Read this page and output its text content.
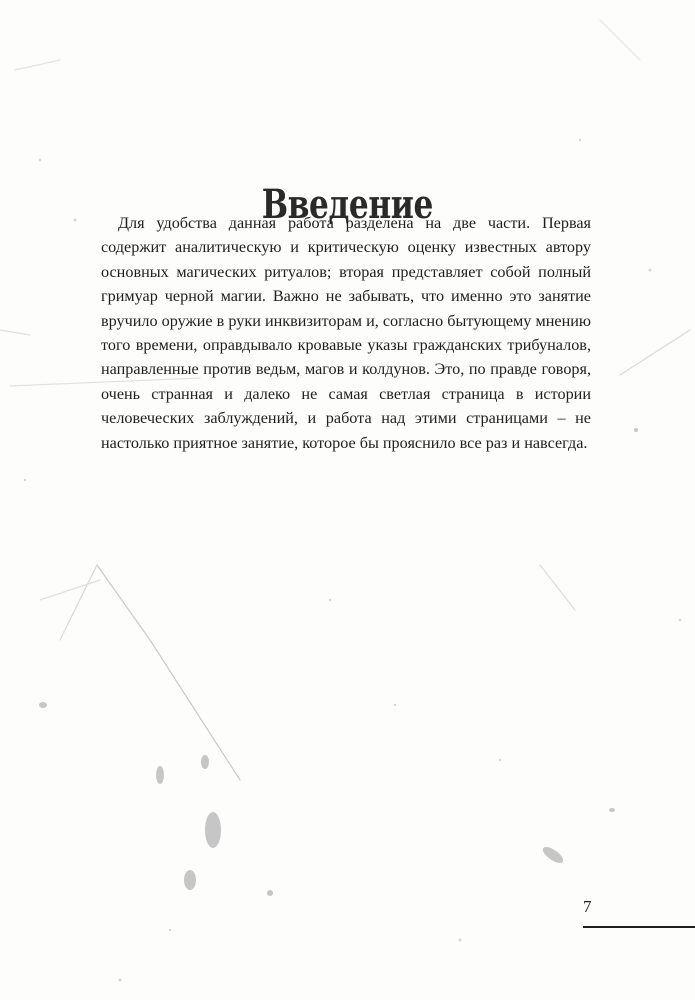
Введение

Для удобства данная работа разделена на две части. Первая содержит аналитическую и критическую оценку известных автору основных магических ритуалов; вторая представляет собой полный гримуар черной магии. Важно не забывать, что именно это занятие вручило оружие в руки инквизиторам и, согласно бытующему мнению того времени, оправдывало кровавые указы гражданских трибуналов, направленные против ведьм, магов и колдунов. Это, по правде говоря, очень странная и далеко не самая светлая страница в истории человеческих заблуждений, и работа над этими страницами – не настолько приятное занятие, которое бы прояснило все раз и навсегда.

7
